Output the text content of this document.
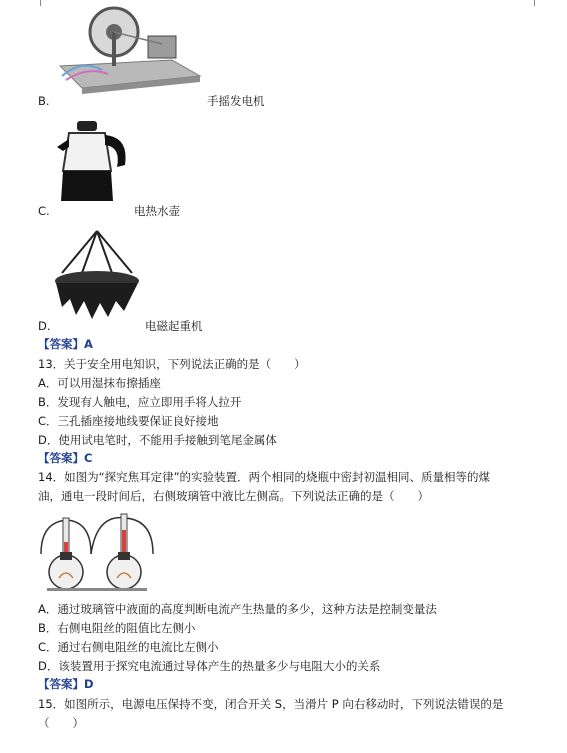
B.	手摇发电机
C.	电热水壶
D.	电磁起重机
【答案】A
13．关于安全用电知识，下列说法正确的是（　　）
A．可以用湿抹布擦插座
B．发现有人触电，应立即用手将人拉开
C．三孔插座接地线要保证良好接地
D．使用试电笔时，不能用手接触到笔尾金属体
【答案】C
14．如图为“探究焦耳定律”的实验装置．两个相同的烧瓶中密封初温相同、质量相等的煤
油，通电一段时间后，右侧玻璃管中液比左侧高。下列说法正确的是（　　）
A．通过玻璃管中液面的高度判断电流产生热量的多少，这种方法是控制变量法
B．右侧电阻丝的阻值比左侧小
C．通过右侧电阻丝的电流比左侧小
D．该装置用于探究电流通过导体产生的热量多少与电阻大小的关系
【答案】D
15．如图所示，电源电压保持不变，闭合开关 S，当滑片 P 向右移动时，下列说法错误的是
（　　）
